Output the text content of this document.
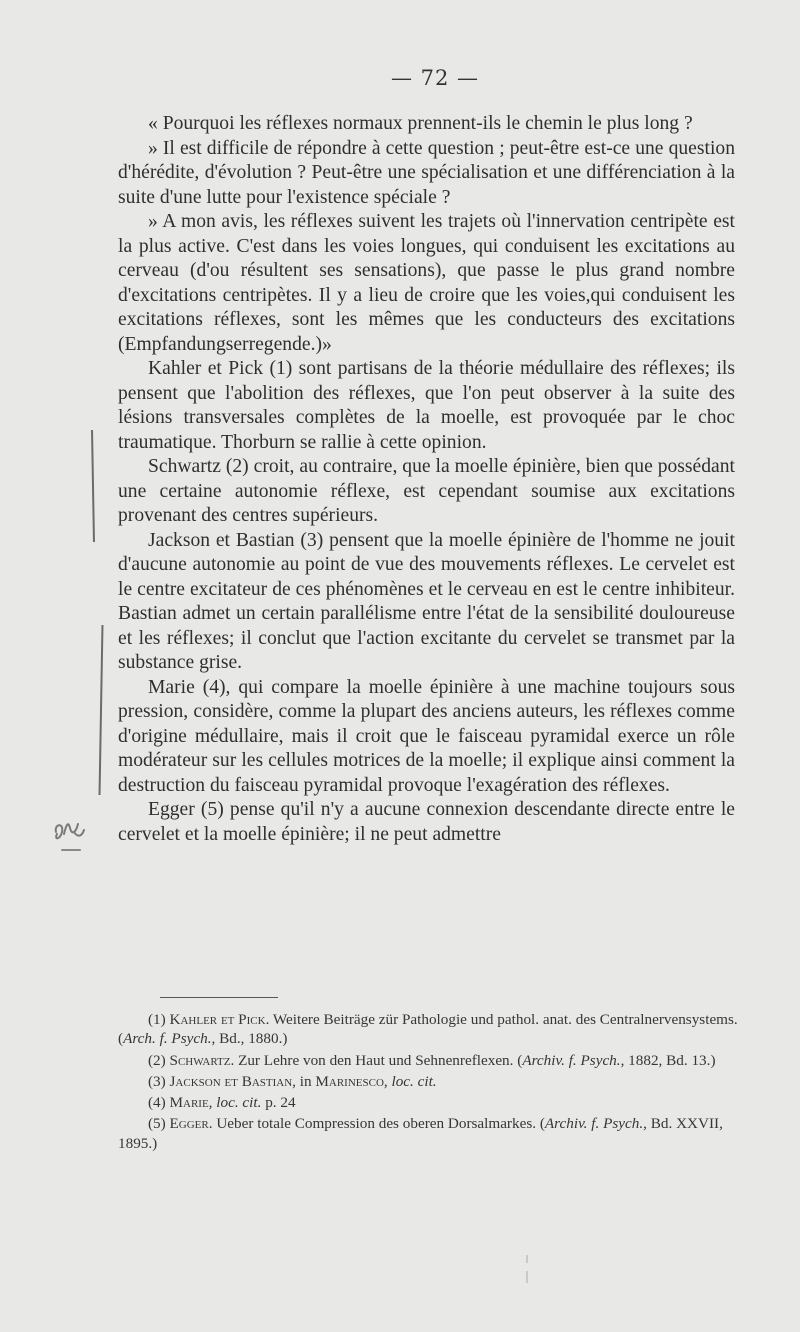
— 72 —

« Pourquoi les réflexes normaux prennent-ils le chemin le plus long ?

» Il est difficile de répondre à cette question ; peut-être est-ce une question d'hérédite, d'évolution ? Peut-être une spécialisation et une différenciation à la suite d'une lutte pour l'existence spéciale ?

» A mon avis, les réflexes suivent les trajets où l'innervation centripète est la plus active. C'est dans les voies longues, qui conduisent les excitations au cerveau (d'ou résultent ses sensations), que passe le plus grand nombre d'excitations centripètes. Il y a lieu de croire que les voies,qui conduisent les excitations réflexes, sont les mêmes que les conducteurs des excitations (Empfandungserregende.)»

Kahler et Pick (1) sont partisans de la théorie médullaire des réflexes; ils pensent que l'abolition des réflexes, que l'on peut observer à la suite des lésions transversales complètes de la moelle, est provoquée par le choc traumatique. Thorburn se rallie à cette opinion.

Schwartz (2) croit, au contraire, que la moelle épinière, bien que possédant une certaine autonomie réflexe, est cependant soumise aux excitations provenant des centres supérieurs.

Jackson et Bastian (3) pensent que la moelle épinière de l'homme ne jouit d'aucune autonomie au point de vue des mouvements réflexes. Le cervelet est le centre excitateur de ces phénomènes et le cerveau en est le centre inhibiteur. Bastian admet un certain parallélisme entre l'état de la sensibilité douloureuse et les réflexes; il conclut que l'action excitante du cervelet se transmet par la substance grise.

Marie (4), qui compare la moelle épinière à une machine toujours sous pression, considère, comme la plupart des anciens auteurs, les réflexes comme d'origine médullaire, mais il croit que le faisceau pyramidal exerce un rôle modérateur sur les cellules motrices de la moelle; il explique ainsi comment la destruction du faisceau pyramidal provoque l'exagération des réflexes.

Egger (5) pense qu'il n'y a aucune connexion descendante directe entre le cervelet et la moelle épinière; il ne peut admettre

(1) Kahler et Pick. Weitere Beiträge zür Pathologie und pathol. anat. des Centralnervensystems. (Arch. f. Psych., Bd., 1880.)

(2) Schwartz. Zur Lehre von den Haut und Sehnenreflexen. (Archiv. f. Psych., 1882, Bd. 13.)

(3) Jackson et Bastian, in Marinesco, loc. cit.

(4) Marie, loc. cit. p. 24

(5) Egger. Ueber totale Compression des oberen Dorsalmarkes. (Archiv. f. Psych., Bd. XXVII, 1895.)
